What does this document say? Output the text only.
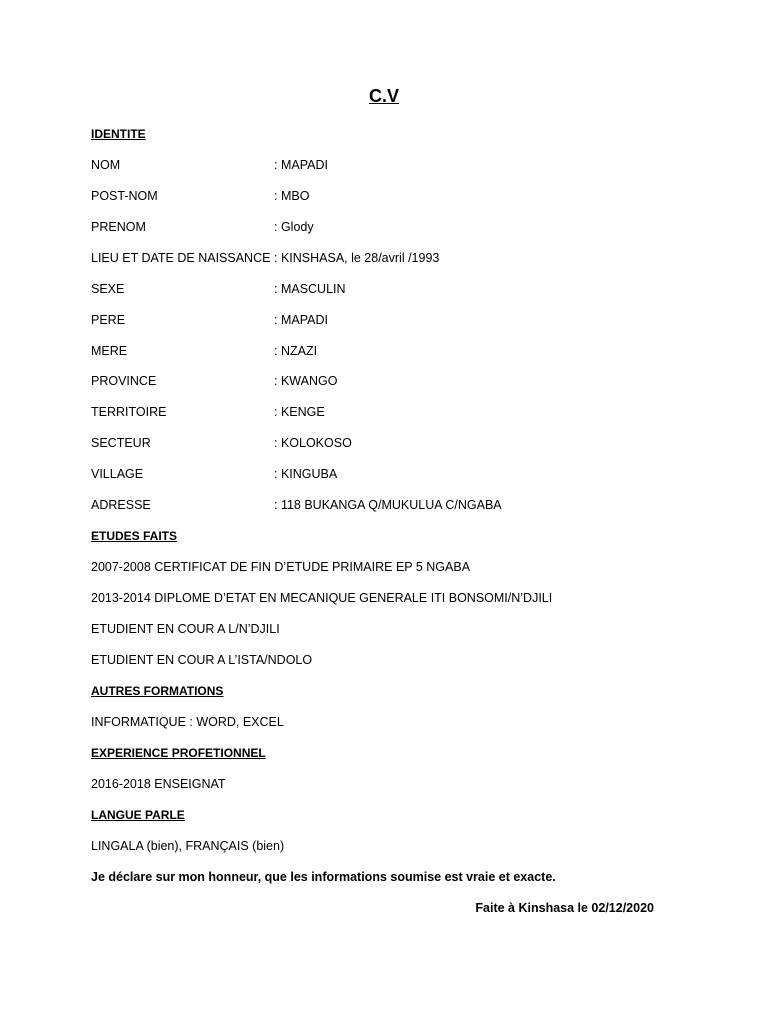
C.V
IDENTITE
NOM	: MAPADI
POST-NOM	: MBO
PRENOM	: Glody
LIEU ET DATE DE NAISSANCE : KINSHASA, le 28/avril /1993
SEXE	: MASCULIN
PERE	: MAPADI
MERE	: NZAZI
PROVINCE	: KWANGO
TERRITOIRE	: KENGE
SECTEUR	: KOLOKOSO
VILLAGE	: KINGUBA
ADRESSE	: 118 BUKANGA Q/MUKULUA C/NGABA
ETUDES FAITS
2007-2008 CERTIFICAT DE FIN D’ETUDE PRIMAIRE EP 5 NGABA
2013-2014 DIPLOME D’ETAT EN MECANIQUE GENERALE ITI BONSOMI/N’DJILI
ETUDIENT EN COUR A L/N’DJILI
ETUDIENT EN COUR A L’ISTA/NDOLO
AUTRES FORMATIONS
INFORMATIQUE : WORD, EXCEL
EXPERIENCE PROFETIONNEL
2016-2018 ENSEIGNAT
LANGUE PARLE
LINGALA (bien), FRANÇAIS (bien)
Je déclare sur mon honneur, que les informations soumise est vraie et exacte.
Faite à Kinshasa le 02/12/2020
